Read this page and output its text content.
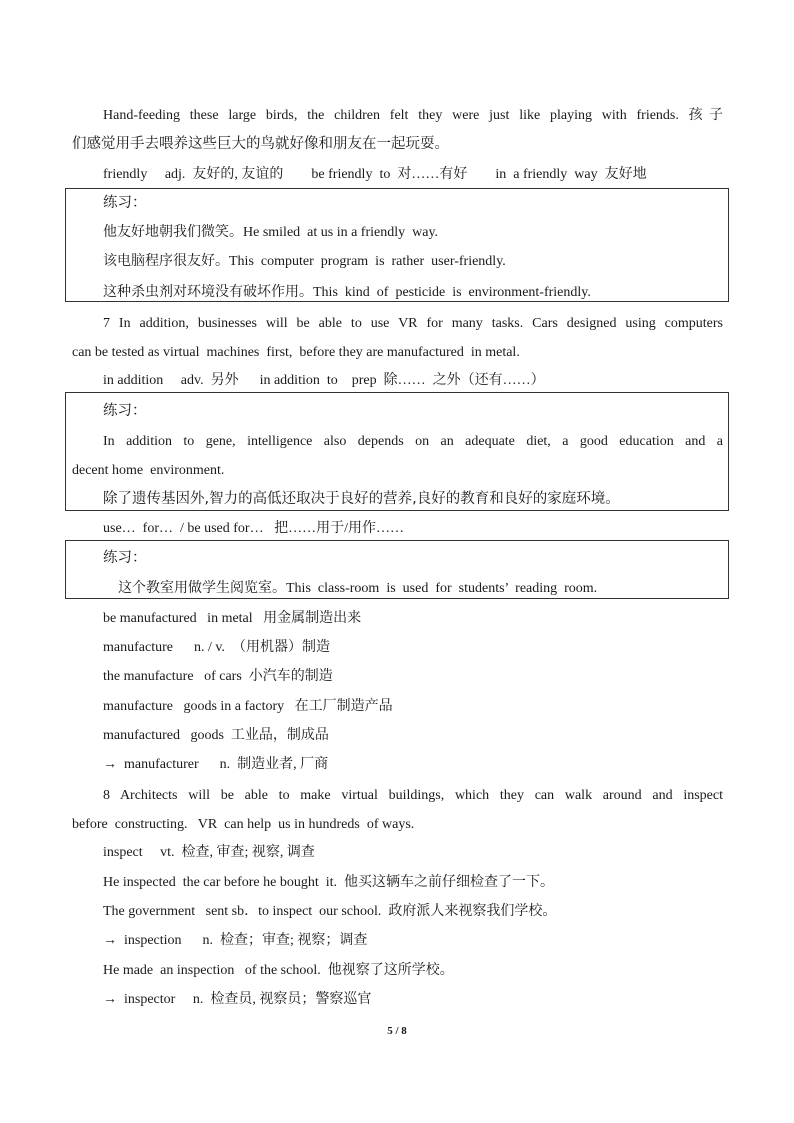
Hand-feeding these large birds, the children felt they were just like playing with friends. 孩子
们感觉用手去喂养这些巨大的鸟就好像和朋友在一起玩耍。
friendly     adj.  友好的, 友谊的        be friendly  to  对……有好        in  a friendly  way  友好地
练习：
他友好地朝我们微笑。He smiled  at us in a friendly  way.
该电脑程序很友好。This  computer  program  is  rather  user-friendly.
这种杀虫剂对环境没有破坏作用。This  kind  of  pesticide  is  environment-friendly.
7 In addition, businesses will be able to use VR for many tasks. Cars designed using computers
can be tested as virtual  machines  first,  before they are manufactured  in metal.
in addition     adv.  另外      in addition  to    prep  除……  之外（还有……）
练习：
In addition to gene, intelligence also depends on an adequate diet, a good education and a
decent home  environment.
除了遗传基因外,智力的高低还取决于良好的营养,良好的教育和良好的家庭环境。
use…  for…  / be used for…   把……用于/用作……
练习：
这个教室用做学生阅览室。This  class-room  is  used  for  students’  reading  room.
be manufactured   in metal   用金属制造出来
manufacture      n. / v.  （用机器）制造
the manufacture   of cars  小汽车的制造
manufacture   goods in a factory   在工厂制造产品
manufactured   goods  工业品，制成品
→  manufacturer      n.  制造业者, 厂商
8 Architects will be able to make virtual buildings, which they can walk around and inspect
before  constructing.   VR  can help  us in hundreds  of ways.
inspect     vt.  检查, 审查; 视察, 调查
He inspected  the car before he bought  it.  他买这辆车之前仔细检查了一下。
The government   sent sb．to inspect  our school.  政府派人来视察我们学校。
→  inspection      n.  检查；审查; 视察；调查
He made  an inspection   of the school.  他视察了这所学校。
→  inspector     n.  检查员, 视察员；警察巡官
5 / 8
